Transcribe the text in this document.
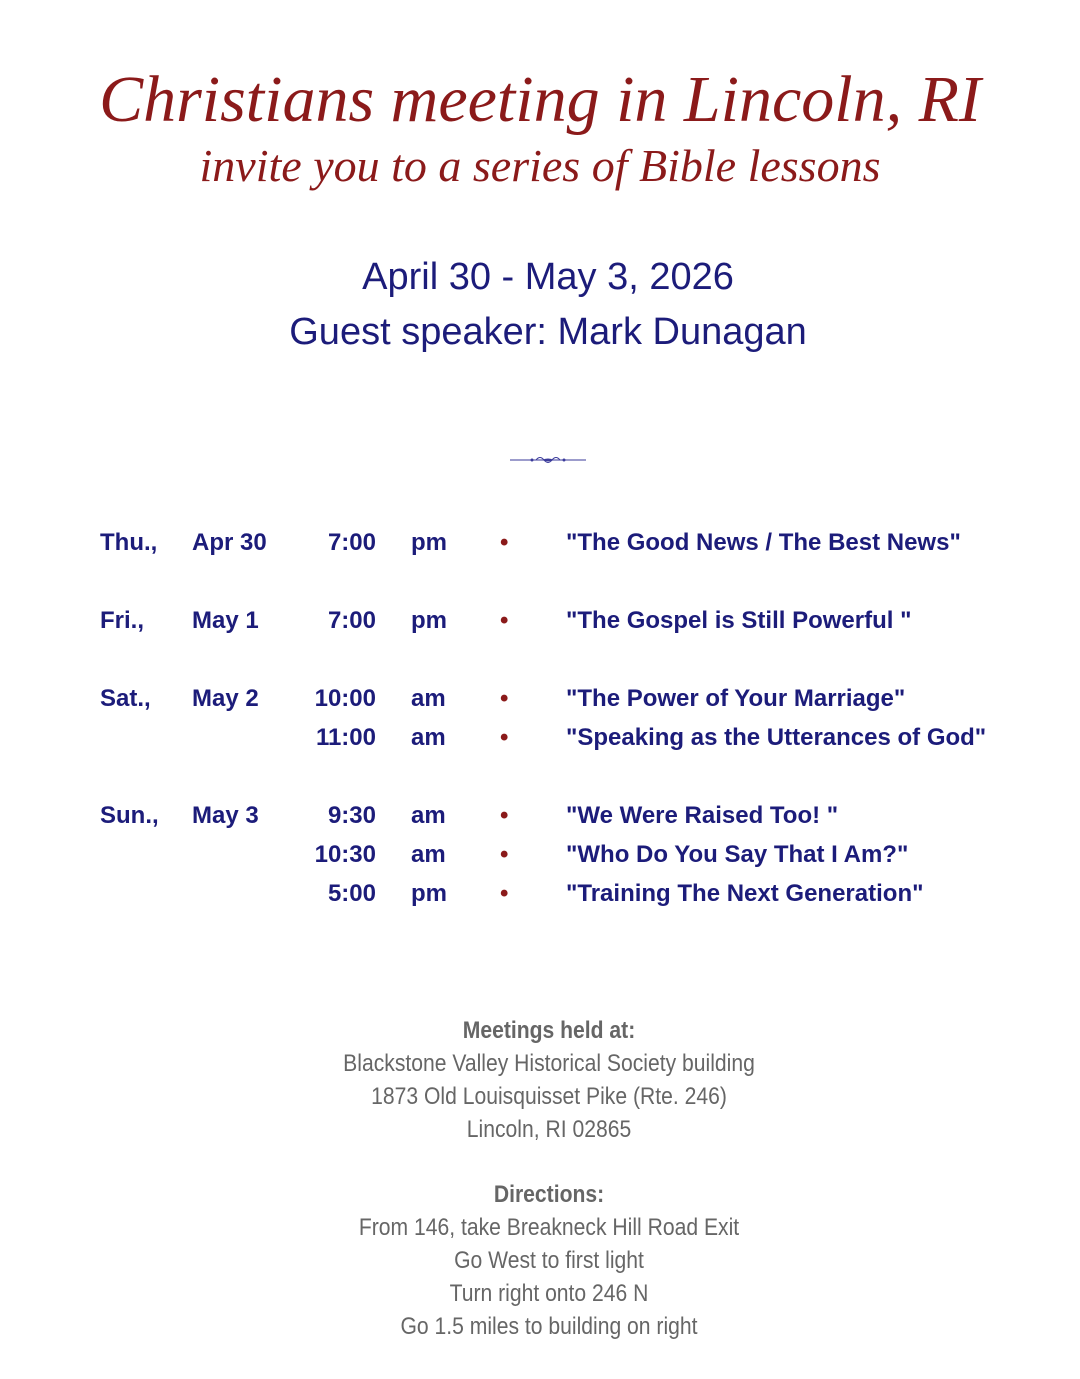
Christians meeting in Lincoln, RI
invite you to a series of Bible lessons
April 30 - May 3, 2026
Guest speaker: Mark Dunagan
Thu., Apr 30	7:00 pm • "The Good News / The Best News"
Fri., May 1	7:00 pm • "The Gospel is Still Powerful "
Sat., May 2 10:00 am • "The Power of Your Marriage"
11:00 am • "Speaking as the Utterances of God"
Sun., May 3	9:30 am • "We Were Raised Too! "
10:30 am • "Who Do You Say That I Am?"
5:00 pm • "Training The Next Generation"
Meetings held at:
Blackstone Valley Historical Society building
1873 Old Louisquisset Pike (Rte. 246)
Lincoln, RI 02865
Directions:
From 146, take Breakneck Hill Road Exit
Go West to first light
Turn right onto 246 N
Go 1.5 miles to building on right
